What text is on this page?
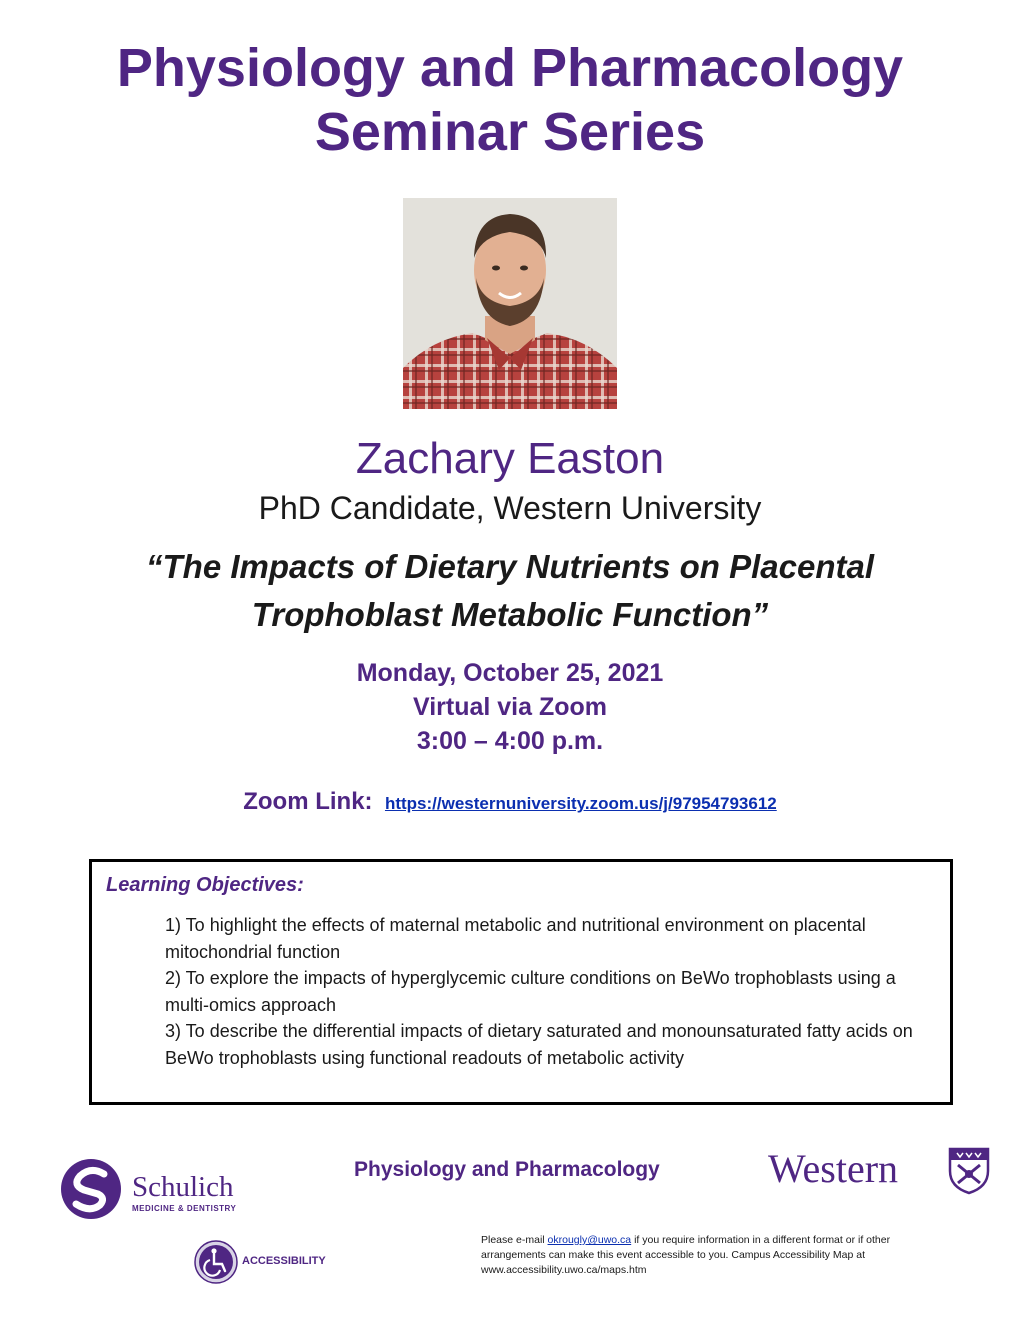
Physiology and Pharmacology
Seminar Series
Zachary Easton
PhD Candidate, Western University
“The Impacts of Dietary Nutrients on Placental
Trophoblast Metabolic Function”
Monday, October 25, 2021
Virtual via Zoom
3:00 – 4:00 p.m.
Zoom Link: https://westernuniversity.zoom.us/j/97954793612
Learning Objectives:
1) To highlight the effects of maternal metabolic and nutritional environment on placental mitochondrial function
2) To explore the impacts of hyperglycemic culture conditions on BeWo trophoblasts using a multi-omics approach
3) To describe the differential impacts of dietary saturated and monounsaturated fatty acids on BeWo trophoblasts using functional readouts of metabolic activity
Schulich
MEDICINE & DENTISTRY
Physiology and Pharmacology	Western
ACCESSIBILITY
Please e-mail okrougly@uwo.ca if you require information in a different format or if other arrangements can make this event accessible to you. Campus Accessibility Map at www.accessibility.uwo.ca/maps.htm
